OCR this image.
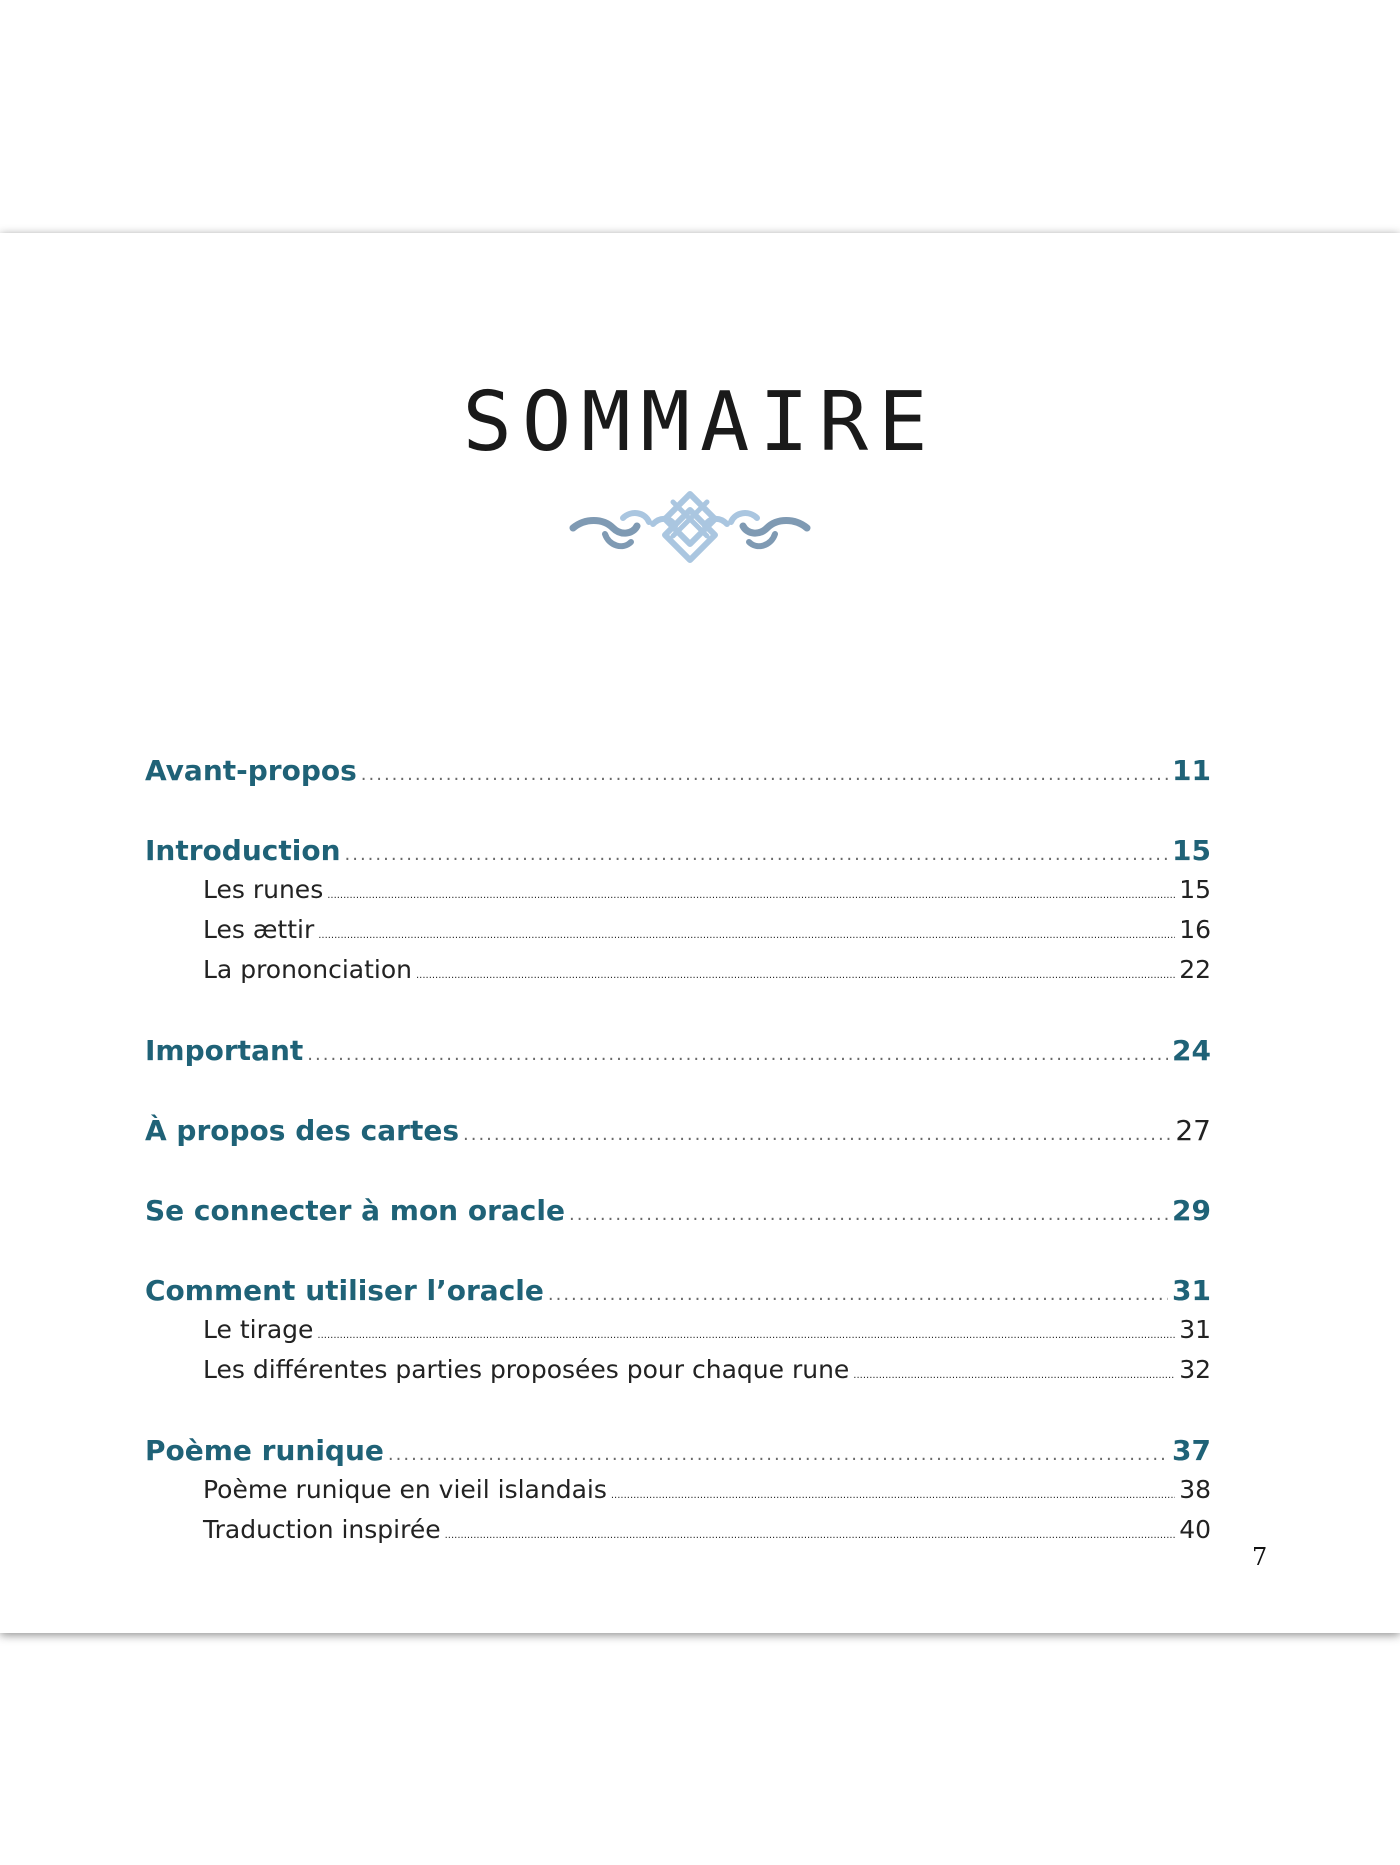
SOMMAIRE
Avant-propos .....	11
Introduction .....	15
Les runes .....	15
Les ættir .....	16
La prononciation .....	22
Important .....	24
À propos des cartes .....	27
Se connecter à mon oracle .....	29
Comment utiliser l’oracle .....	31
Le tirage .....	31
Les différentes parties proposées pour chaque rune .....	32
Poème runique .....	37
Poème runique en vieil islandais .....	38
Traduction inspirée .....	40
7
